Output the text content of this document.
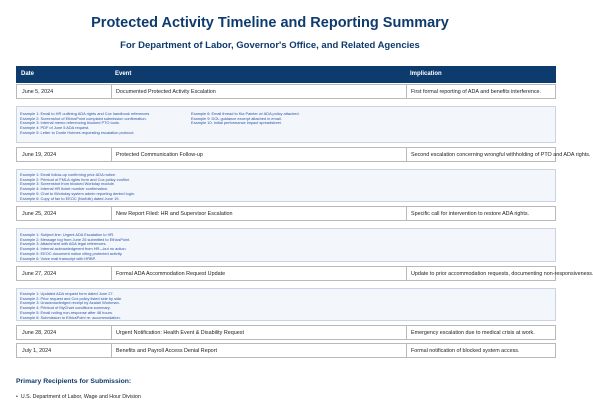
Protected Activity Timeline and Reporting Summary
For Department of Labor, Governor's Office, and Related Agencies
Date	Event	Implication
June 5, 2024	Documented Protected Activity Escalation	First formal reporting of ADA and benefits interference.

Example 1: Email to HR outlining ADA rights and Cox handbook references

Example 2: Screenshot of EthicsPoint complaint submission confirmation.

Example 3: Internal memo referencing blocked PTO tools.

Example 4: PDF of June 5 ADA request.

Example 5: Letter to Donte Holmes requesting escalation protocol.

Example 6: Email thread to Kia Painter w/ ADA policy attached.

Example 9: DOL guidance excerpt attached in email.

Example 10: Initial performance impact spreadsheet.

June 19, 2024	Protected Communication Follow-up	Second escalation concerning wrongful withholding of PTO and ADA rights.

Example 1: Email follow-up confirming prior ADA notice.

Example 2: Printout of FMLA rights form and Cox policy conflict.

Example 3: Screenshot from blocked Workday module.

Example 4: Internal HR ticket number confirmation.

Example 5: Chat to iWorkday system admin reporting denied login.

Example 6: Copy of fax to EEOC (Norfolk) dated June 19.

June 25, 2024	New Report Filed: HR and Supervisor Escalation	Specific call for intervention to restore ADA rights.

Example 1: Subject line: Urgent ADA Escalation to HR.

Example 2: Message log from June 25 submitted to EthicsPoint.

Example 3: Attachment with ADA legal references.

Example 4: Internal acknowledgment from HR—but no action.

Example 5: EEOC document notice citing protected activity.

Example 6: Voice mail transcript with HRBP.

June 27, 2024	Formal ADA Accommodation Request Update	Update to prior accommodation requests, documenting non-responsiveness.

Example 1: Updated ADA request form dated June 27.

Example 2: Prior request and Cox policy listed side by side.

Example 3: Unacknowledged receipt by Azaiah Workman.

Example 4: Printout of MyChart conditions summary.

Example 5: Email noting non-response after 48 hours.

Example 6: Submission to EthicsPoint re: accommodation.

June 28, 2024	Urgent Notification: Health Event & Disability Request	Emergency escalation due to medical crisis at work.
July 1, 2024	Benefits and Payroll Access Denial Report	Formal notification of blocked system access.
Primary Recipients for Submission:
• U.S. Department of Labor, Wage and Hour Division
